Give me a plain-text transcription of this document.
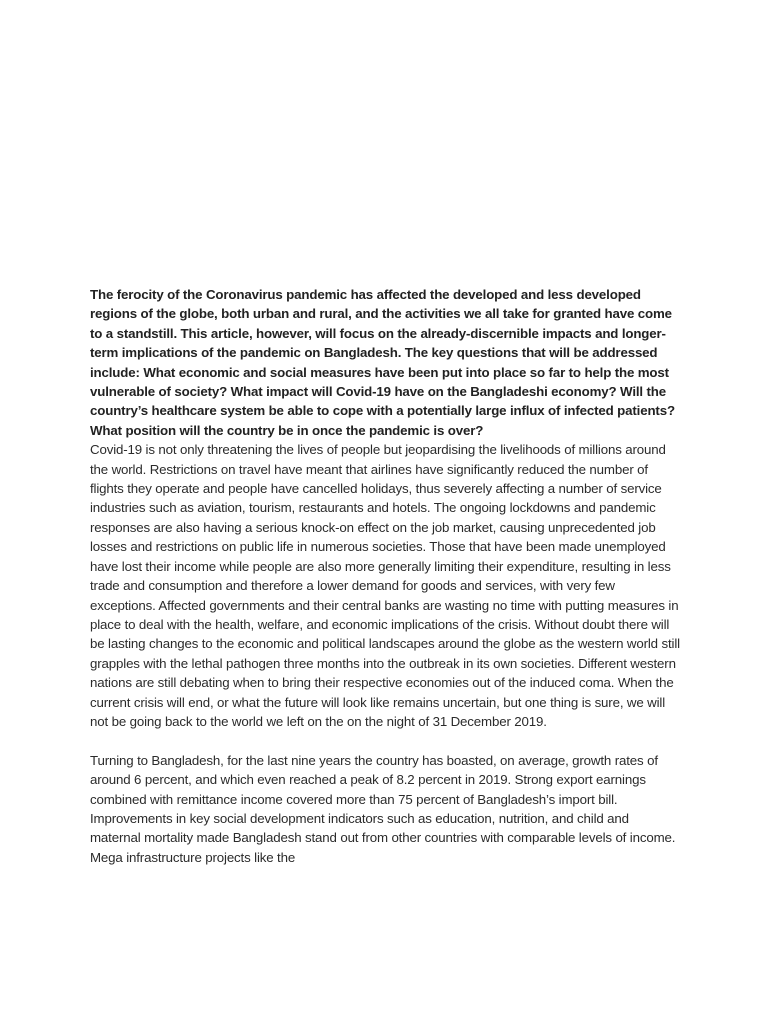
The ferocity of the Coronavirus pandemic has affected the developed and less developed regions of the globe, both urban and rural, and the activities we all take for granted have come to a standstill. This article, however, will focus on the already-discernible impacts and longer-term implications of the pandemic on Bangladesh. The key questions that will be addressed include: What economic and social measures have been put into place so far to help the most vulnerable of society? What impact will Covid-19 have on the Bangladeshi economy? Will the country’s healthcare system be able to cope with a potentially large influx of infected patients? What position will the country be in once the pandemic is over?

Covid-19 is not only threatening the lives of people but jeopardising the livelihoods of millions around the world. Restrictions on travel have meant that airlines have significantly reduced the number of flights they operate and people have cancelled holidays, thus severely affecting a number of service industries such as aviation, tourism, restaurants and hotels. The ongoing lockdowns and pandemic responses are also having a serious knock-on effect on the job market, causing unprecedented job losses and restrictions on public life in numerous societies. Those that have been made unemployed have lost their income while people are also more generally limiting their expenditure, resulting in less trade and consumption and therefore a lower demand for goods and services, with very few exceptions. Affected governments and their central banks are wasting no time with putting measures in place to deal with the health, welfare, and economic implications of the crisis. Without doubt there will be lasting changes to the economic and political landscapes around the globe as the western world still grapples with the lethal pathogen three months into the outbreak in its own societies. Different western nations are still debating when to bring their respective economies out of the induced coma. When the current crisis will end, or what the future will look like remains uncertain, but one thing is sure, we will not be going back to the world we left on the on the night of 31 December 2019.

Turning to Bangladesh, for the last nine years the country has boasted, on average, growth rates of around 6 percent, and which even reached a peak of 8.2 percent in 2019. Strong export earnings combined with remittance income covered more than 75 percent of Bangladesh’s import bill. Improvements in key social development indicators such as education, nutrition, and child and maternal mortality made Bangladesh stand out from other countries with comparable levels of income. Mega infrastructure projects like the
